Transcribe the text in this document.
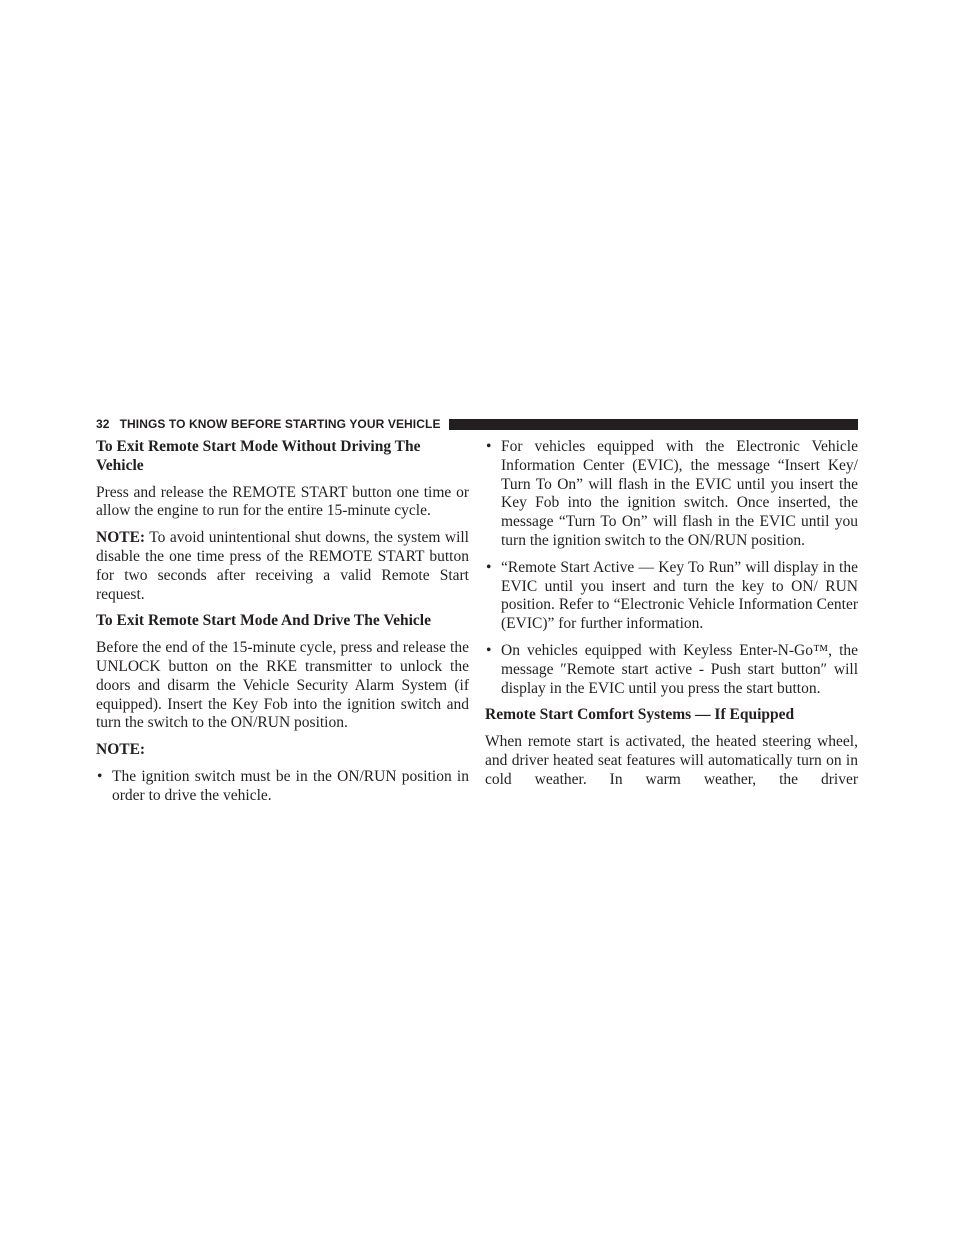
32 THINGS TO KNOW BEFORE STARTING YOUR VEHICLE
To Exit Remote Start Mode Without Driving The Vehicle

Press and release the REMOTE START button one time or allow the engine to run for the entire 15-minute cycle.

NOTE: To avoid unintentional shut downs, the system will disable the one time press of the REMOTE START button for two seconds after receiving a valid Remote Start request.

To Exit Remote Start Mode And Drive The Vehicle

Before the end of the 15-minute cycle, press and release the UNLOCK button on the RKE transmitter to unlock the doors and disarm the Vehicle Security Alarm System (if equipped). Insert the Key Fob into the ignition switch and turn the switch to the ON/RUN position.

NOTE:
• The ignition switch must be in the ON/RUN position in order to drive the vehicle.
• For vehicles equipped with the Electronic Vehicle Information Center (EVIC), the message “Insert Key/ Turn To On” will flash in the EVIC until you insert the Key Fob into the ignition switch. Once inserted, the message “Turn To On” will flash in the EVIC until you turn the ignition switch to the ON/RUN position.
• “Remote Start Active — Key To Run” will display in the EVIC until you insert and turn the key to ON/ RUN position. Refer to “Electronic Vehicle Information Center (EVIC)” for further information.
• On vehicles equipped with Keyless Enter-N-Go™, the message ″Remote start active - Push start button″ will display in the EVIC until you press the start button.
Remote Start Comfort Systems — If Equipped

When remote start is activated, the heated steering wheel, and driver heated seat features will automatically turn on in cold weather. In warm weather, the driver
